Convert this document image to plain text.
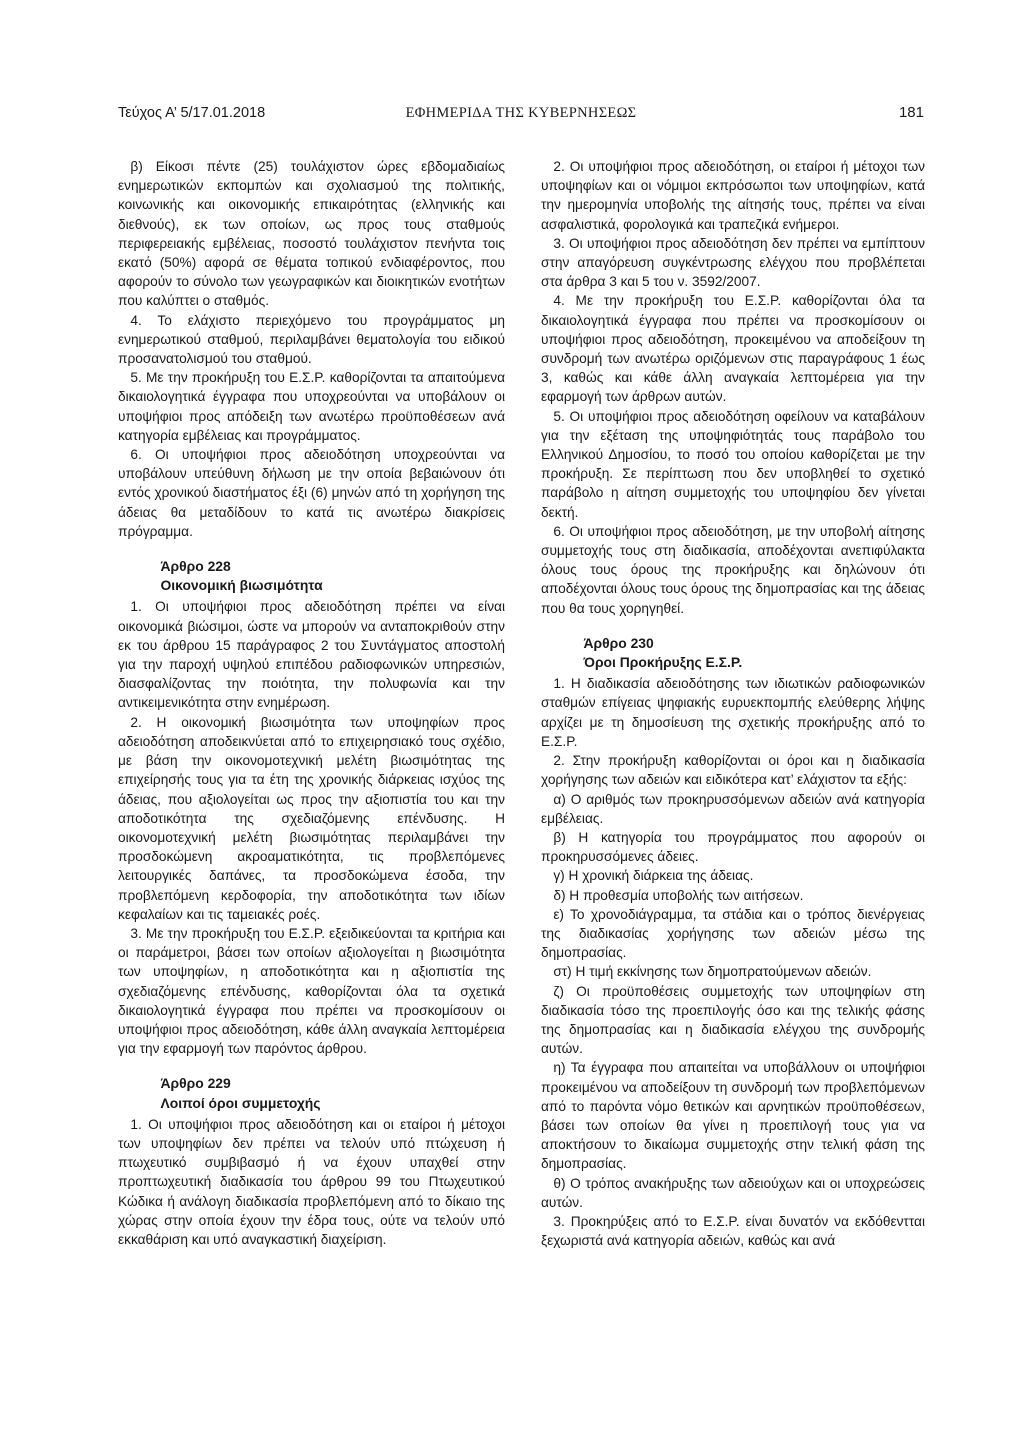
Τεύχος Α’ 5/17.01.2018	ΕΦΗΜΕΡΙΔΑ ΤΗΣ ΚΥΒΕΡΝΗΣΕΩΣ	181

β) Είκοσι πέντε (25) τουλάχιστον ώρες εβδομαδιαίως ενημερωτικών εκπομπών και σχολιασμού της πολιτικής, κοινωνικής και οικονομικής επικαιρότητας (ελληνικής και διεθνούς), εκ των οποίων, ως προς τους σταθμούς περιφερειακής εμβέλειας, ποσοστό τουλάχιστον πενήντα τοις εκατό (50%) αφορά σε θέματα τοπικού ενδιαφέροντος, που αφορούν το σύνολο των γεωγραφικών και διοικητικών ενοτήτων που καλύπτει ο σταθμός.

4. Το ελάχιστο περιεχόμενο του προγράμματος μη ενημερωτικού σταθμού, περιλαμβάνει θεματολογία του ειδικού προσανατολισμού του σταθμού.

5. Με την προκήρυξη του Ε.Σ.Ρ. καθορίζονται τα απαιτούμενα δικαιολογητικά έγγραφα που υποχρεούνται να υποβάλουν οι υποψήφιοι προς απόδειξη των ανωτέρω προϋποθέσεων ανά κατηγορία εμβέλειας και προγράμματος.

6. Οι υποψήφιοι προς αδειοδότηση υποχρεούνται να υποβάλουν υπεύθυνη δήλωση με την οποία βεβαιώνουν ότι εντός χρονικού διαστήματος έξι (6) μηνών από τη χορήγηση της άδειας θα μεταδίδουν το κατά τις ανωτέρω διακρίσεις πρόγραμμα.

Άρθρο 228

Οικονομική βιωσιμότητα

1. Οι υποψήφιοι προς αδειοδότηση πρέπει να είναι οικονομικά βιώσιμοι, ώστε να μπορούν να ανταποκριθούν στην εκ του άρθρου 15 παράγραφος 2 του Συντάγματος αποστολή για την παροχή υψηλού επιπέδου ραδιοφωνικών υπηρεσιών, διασφαλίζοντας την ποιότητα, την πολυφωνία και την αντικειμενικότητα στην ενημέρωση.

2. Η οικονομική βιωσιμότητα των υποψηφίων προς αδειοδότηση αποδεικνύεται από το επιχειρησιακό τους σχέδιο, με βάση την οικονομοτεχνική μελέτη βιωσιμότητας της επιχείρησής τους για τα έτη της χρονικής διάρκειας ισχύος της άδειας, που αξιολογείται ως προς την αξιοπιστία του και την αποδοτικότητα της σχεδιαζόμενης επένδυσης. Η οικονομοτεχνική μελέτη βιωσιμότητας περιλαμβάνει την προσδοκώμενη ακροαματικότητα, τις προβλεπόμενες λειτουργικές δαπάνες, τα προσδοκώμενα έσοδα, την προβλεπόμενη κερδοφορία, την αποδοτικότητα των ιδίων κεφαλαίων και τις ταμειακές ροές.

3. Με την προκήρυξη του Ε.Σ.Ρ. εξειδικεύονται τα κριτήρια και οι παράμετροι, βάσει των οποίων αξιολογείται η βιωσιμότητα των υποψηφίων, η αποδοτικότητα και η αξιοπιστία της σχεδιαζόμενης επένδυσης, καθορίζονται όλα τα σχετικά δικαιολογητικά έγγραφα που πρέπει να προσκομίσουν οι υποψήφιοι προς αδειοδότηση, κάθε άλλη αναγκαία λεπτομέρεια για την εφαρμογή των παρόντος άρθρου.

Άρθρο 229

Λοιποί όροι συμμετοχής

1. Οι υποψήφιοι προς αδειοδότηση και οι εταίροι ή μέτοχοι των υποψηφίων δεν πρέπει να τελούν υπό πτώχευση ή πτωχευτικό συμβιβασμό ή να έχουν υπαχθεί στην προπτωχευτική διαδικασία του άρθρου 99 του Πτωχευτικού Κώδικα ή ανάλογη διαδικασία προβλεπόμενη από το δίκαιο της χώρας στην οποία έχουν την έδρα τους, ούτε να τελούν υπό εκκαθάριση και υπό αναγκαστική διαχείριση.

2. Οι υποψήφιοι προς αδειοδότηση, οι εταίροι ή μέτοχοι των υποψηφίων και οι νόμιμοι εκπρόσωποι των υποψηφίων, κατά την ημερομηνία υποβολής της αίτησής τους, πρέπει να είναι ασφαλιστικά, φορολογικά και τραπεζικά ενήμεροι.

3. Οι υποψήφιοι προς αδειοδότηση δεν πρέπει να εμπίπτουν στην απαγόρευση συγκέντρωσης ελέγχου που προβλέπεται στα άρθρα 3 και 5 του ν. 3592/2007.

4. Με την προκήρυξη του Ε.Σ.Ρ. καθορίζονται όλα τα δικαιολογητικά έγγραφα που πρέπει να προσκομίσουν οι υποψήφιοι προς αδειοδότηση, προκειμένου να αποδείξουν τη συνδρομή των ανωτέρω οριζόμενων στις παραγράφους 1 έως 3, καθώς και κάθε άλλη αναγκαία λεπτομέρεια για την εφαρμογή των άρθρων αυτών.

5. Οι υποψήφιοι προς αδειοδότηση οφείλουν να καταβάλουν για την εξέταση της υποψηφιότητάς τους παράβολο του Ελληνικού Δημοσίου, το ποσό του οποίου καθορίζεται με την προκήρυξη. Σε περίπτωση που δεν υποβληθεί το σχετικό παράβολο η αίτηση συμμετοχής του υποψηφίου δεν γίνεται δεκτή.

6. Οι υποψήφιοι προς αδειοδότηση, με την υποβολή αίτησης συμμετοχής τους στη διαδικασία, αποδέχονται ανεπιφύλακτα όλους τους όρους της προκήρυξης και δηλώνουν ότι αποδέχονται όλους τους όρους της δημοπρασίας και της άδειας που θα τους χορηγηθεί.

Άρθρο 230

Όροι Προκήρυξης Ε.Σ.Ρ.

1. Η διαδικασία αδειοδότησης των ιδιωτικών ραδιοφωνικών σταθμών επίγειας ψηφιακής ευρυεκπομπής ελεύθερης λήψης αρχίζει με τη δημοσίευση της σχετικής προκήρυξης από το Ε.Σ.Ρ.

2. Στην προκήρυξη καθορίζονται οι όροι και η διαδικασία χορήγησης των αδειών και ειδικότερα κατ’ ελάχιστον τα εξής:

α) Ο αριθμός των προκηρυσσόμενων αδειών ανά κατηγορία εμβέλειας.

β) Η κατηγορία του προγράμματος που αφορούν οι προκηρυσσόμενες άδειες.

γ) Η χρονική διάρκεια της άδειας.

δ) Η προθεσμία υποβολής των αιτήσεων.

ε) Το χρονοδιάγραμμα, τα στάδια και ο τρόπος διενέργειας της διαδικασίας χορήγησης των αδειών μέσω της δημοπρασίας.

στ) Η τιμή εκκίνησης των δημοπρατούμενων αδειών.

ζ) Οι προϋποθέσεις συμμετοχής των υποψηφίων στη διαδικασία τόσο της προεπιλογής όσο και της τελικής φάσης της δημοπρασίας και η διαδικασία ελέγχου της συνδρομής αυτών.

η) Τα έγγραφα που απαιτείται να υποβάλλουν οι υποψήφιοι προκειμένου να αποδείξουν τη συνδρομή των προβλεπόμενων από το παρόντα νόμο θετικών και αρνητικών προϋποθέσεων, βάσει των οποίων θα γίνει η προεπιλογή τους για να αποκτήσουν το δικαίωμα συμμετοχής στην τελική φάση της δημοπρασίας.

θ) Ο τρόπος ανακήρυξης των αδειούχων και οι υποχρεώσεις αυτών.

3. Προκηρύξεις από το Ε.Σ.Ρ. είναι δυνατόν να εκδόθεντται ξεχωριστά ανά κατηγορία αδειών, καθώς και ανά
